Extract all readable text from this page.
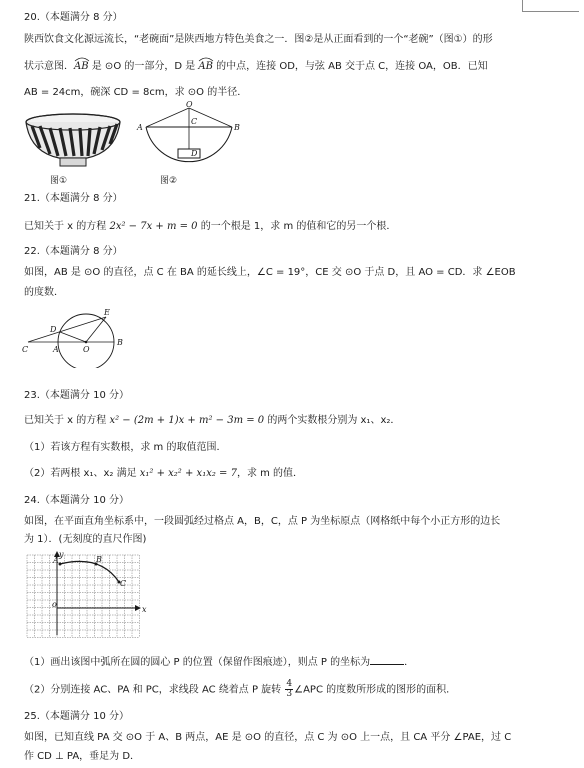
20.（本题满分 8 分）
陕西饮食文化源远流长，“老碗面”是陕西地方特色美食之一．图②是从正面看到的一个“老碗”（图①）的形
状示意图．AB
是 ⊙O 的一部分，D 是 AB
的中点，连接 OD，与弦 AB 交于点 C，连接 OA，OB．已知
AB = 24cm，碗深 CD = 8cm，求 ⊙O 的半径．
图①
O
C
A	B
D
图②
21.（本题满分 8 分）
已知关于 x 的方程 2x² − 7x + m = 0 的一个根是 1，求 m 的值和它的另一个根．
22.（本题满分 8 分）
如图，AB 是 ⊙O 的直径，点 C 在 BA 的延长线上，∠C = 19°，CE 交 ⊙O 于点 D，且 AO = CD．求 ∠EOB
的度数．
C
D
E
A	O
B
23.（本题满分 10 分）
已知关于 x 的方程 x² − (2m + 1)x + m² − 3m = 0 的两个实数根分别为 x₁、x₂．
（1）若该方程有实数根，求 m 的取值范围．
（2）若两根 x₁、x₂ 满足 x₁² + x₂² + x₁x₂ = 7，求 m 的值．
24.（本题满分 10 分）
如图，在平面直角坐标系中，一段圆弧经过格点 A，B，C，点 P 为坐标原点（网格纸中每个小正方形的边长
为 1）．(无刻度的直尺作图)
y
A	B
C
x
o
（1）画出该图中弧所在圆的圆心 P 的位置（保留作图痕迹），则点 P 的坐标为	．
（2）分别连接 AC、PA 和 PC，求线段 AC 绕着点 P 旋转 $\frac{4}{3}$ ∠APC 的度数所形成的图形的面积．
25.（本题满分 10 分）
如图，已知直线 PA 交 ⊙O 于 A、B 两点，AE 是 ⊙O 的直径，点 C 为 ⊙O 上一点，且 CA 平分 ∠PAE，过 C
作 CD ⊥ PA，垂足为 D．
